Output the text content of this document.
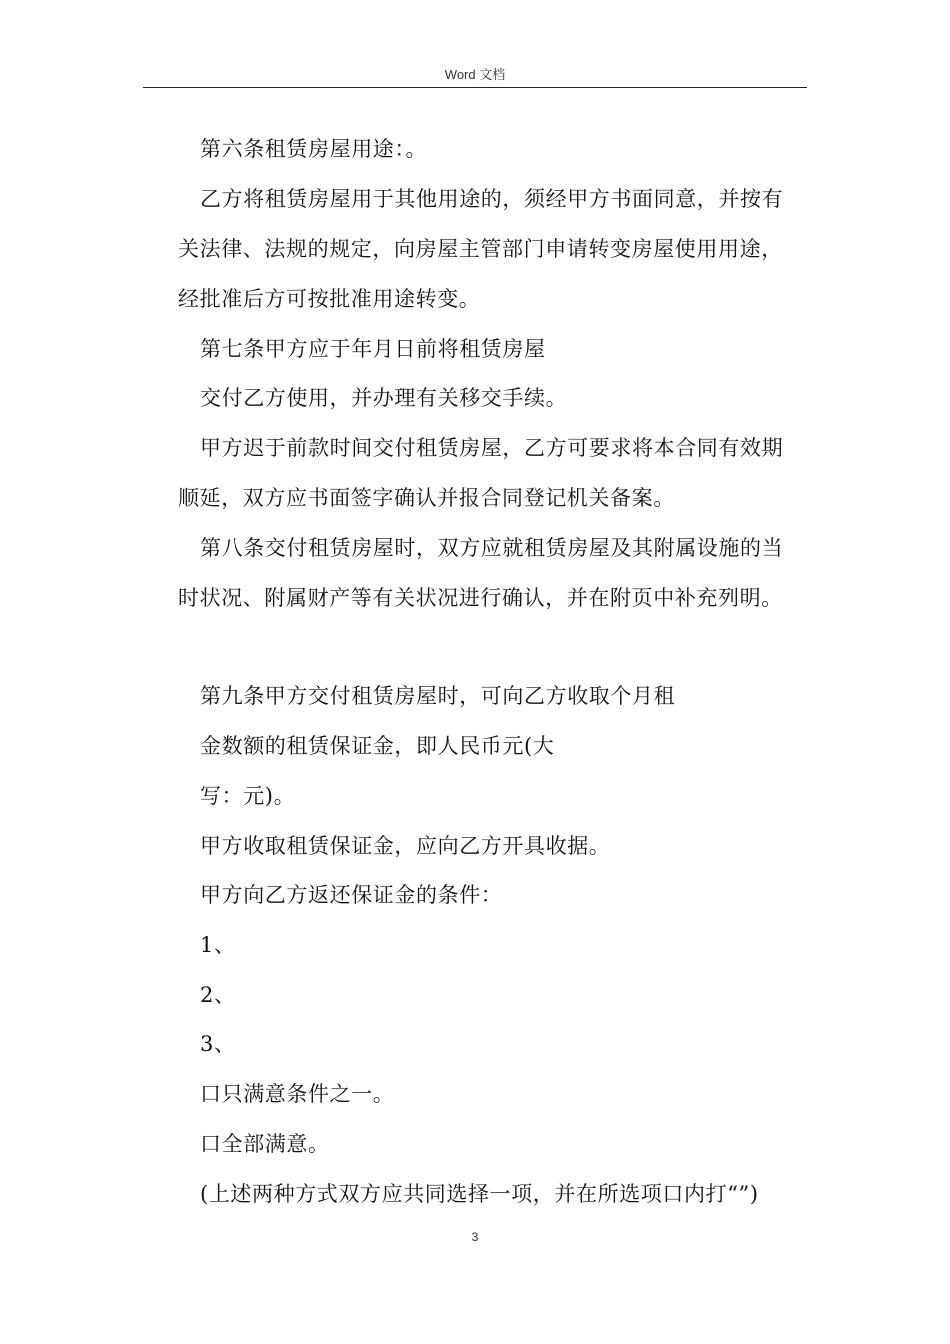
Word 文档
第六条租赁房屋用途：。
乙方将租赁房屋用于其他用途的，须经甲方书面同意，并按有
关法律、法规的规定，向房屋主管部门申请转变房屋使用用途，
经批准后方可按批准用途转变。
第七条甲方应于年月日前将租赁房屋
交付乙方使用，并办理有关移交手续。
甲方迟于前款时间交付租赁房屋，乙方可要求将本合同有效期
顺延，双方应书面签字确认并报合同登记机关备案。
第八条交付租赁房屋时，双方应就租赁房屋及其附属设施的当
时状况、附属财产等有关状况进行确认，并在附页中补充列明。
第九条甲方交付租赁房屋时，可向乙方收取个月租
金数额的租赁保证金，即人民币元(大
写：元)。
甲方收取租赁保证金，应向乙方开具收据。
甲方向乙方返还保证金的条件：
1、
2、
3、
口只满意条件之一。
口全部满意。
(上述两种方式双方应共同选择一项，并在所选项口内打“”)
3
